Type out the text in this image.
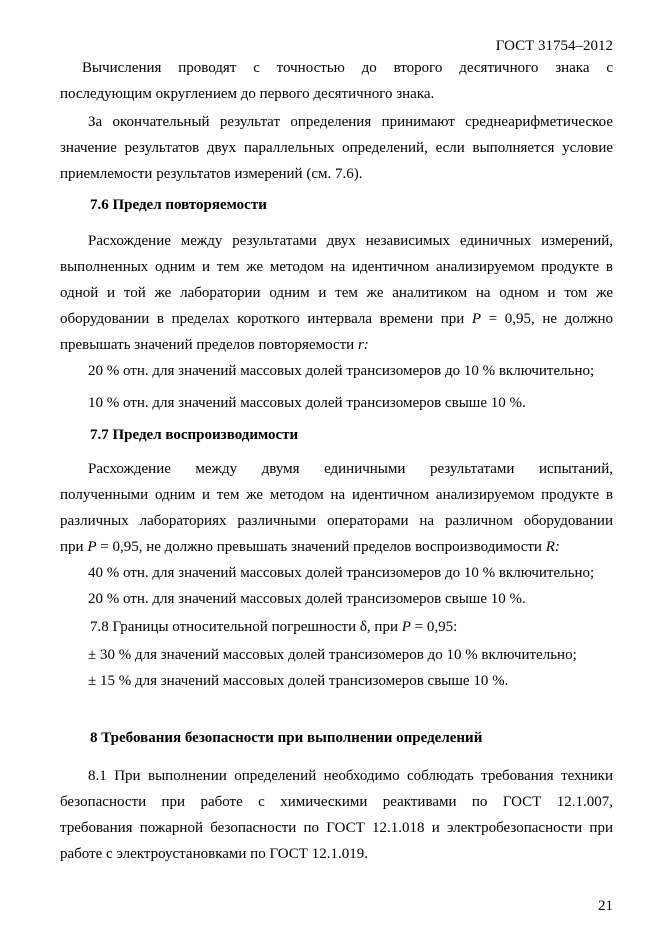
ГОСТ 31754–2012
Вычисления проводят с точностью до второго десятичного знака с
последующим округлением до первого десятичного знака.
За окончательный результат определения принимают среднеарифметическое
значение результатов двух параллельных определений, если выполняется условие
приемлемости результатов измерений (см. 7.6).
7.6 Предел повторяемости
Расхождение между результатами двух независимых единичных измерений,
выполненных одним и тем же методом на идентичном анализируемом продукте в
одной и той же лаборатории одним и тем же аналитиком на одном и том же
оборудовании в пределах короткого интервала времени при P = 0,95, не должно
превышать значений пределов повторяемости r:
20 % отн. для значений массовых долей трансизомеров до 10 % включительно;
10 % отн. для значений массовых долей трансизомеров свыше 10 %.
7.7 Предел воспроизводимости
Расхождение между двумя единичными результатами испытаний,
полученными одним и тем же методом на идентичном анализируемом продукте в
различных лабораториях различными операторами на различном оборудовании
при P = 0,95, не должно превышать значений пределов воспроизводимости R:
40 % отн. для значений массовых долей трансизомеров до 10 % включительно;
20 % отн. для значений массовых долей трансизомеров свыше 10 %.
7.8 Границы относительной погрешности δ, при P = 0,95:
± 30 % для значений массовых долей трансизомеров до 10 % включительно;
± 15 % для значений массовых долей трансизомеров свыше 10 %.
8 Требования безопасности при выполнении определений
8.1 При выполнении определений необходимо соблюдать требования техники
безопасности при работе с химическими реактивами по ГОСТ 12.1.007,
требования пожарной безопасности по ГОСТ 12.1.018 и электробезопасности при
работе с электроустановками по ГОСТ 12.1.019.
21
